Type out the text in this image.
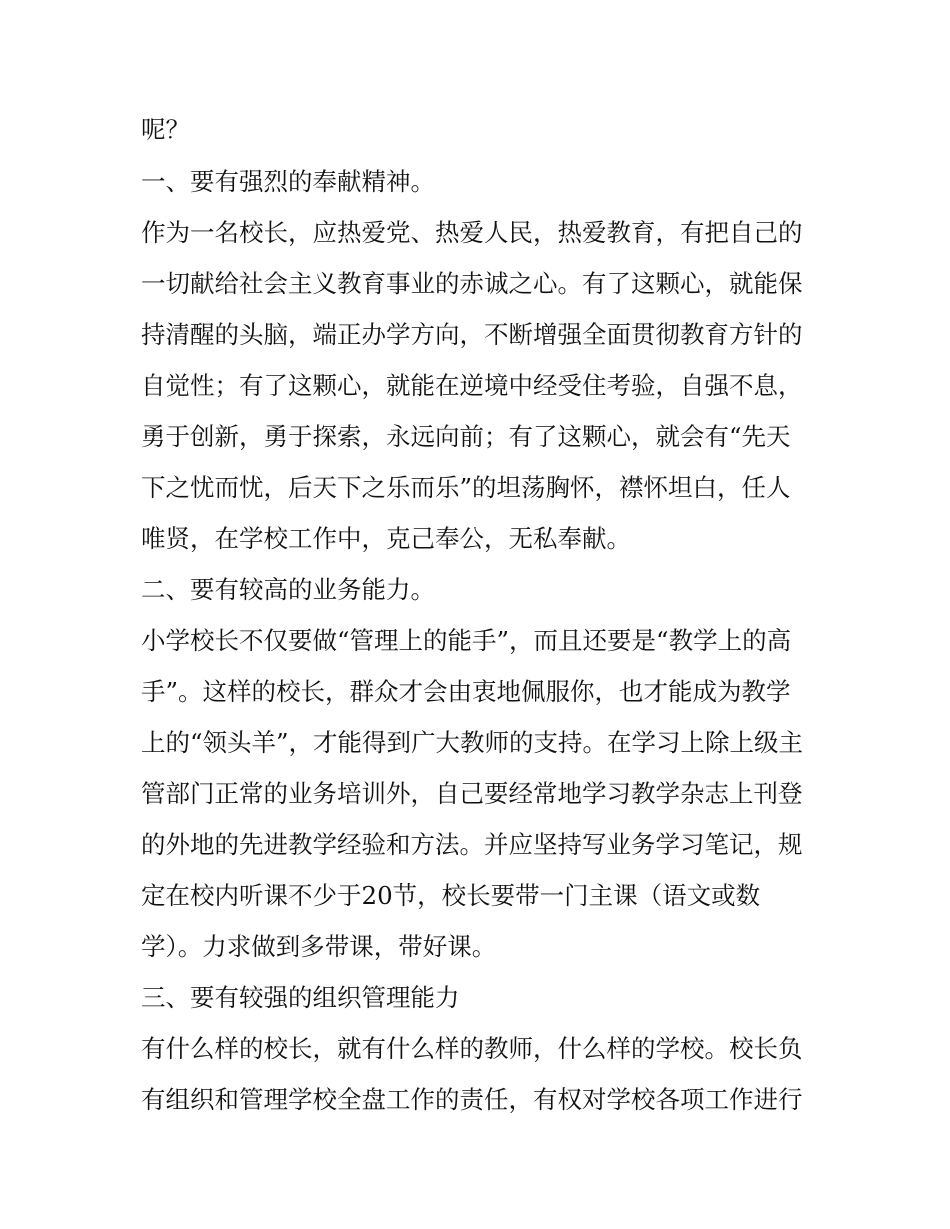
呢？
一、要有强烈的奉献精神。
作为一名校长，应热爱党、热爱人民，热爱教育，有把自己的
一切献给社会主义教育事业的赤诚之心。有了这颗心，就能保
持清醒的头脑，端正办学方向，不断增强全面贯彻教育方针的
自觉性；有了这颗心，就能在逆境中经受住考验，自强不息，
勇于创新，勇于探索，永远向前；有了这颗心，就会有“先天
下之忧而忧，后天下之乐而乐”的坦荡胸怀，襟怀坦白，任人
唯贤，在学校工作中，克己奉公，无私奉献。
二、要有较高的业务能力。
小学校长不仅要做“管理上的能手”，而且还要是“教学上的高
手”。这样的校长，群众才会由衷地佩服你，也才能成为教学
上的“领头羊”，才能得到广大教师的支持。在学习上除上级主
管部门正常的业务培训外，自己要经常地学习教学杂志上刊登
的外地的先进教学经验和方法。并应坚持写业务学习笔记，规
定在校内听课不少于20节，校长要带一门主课（语文或数
学）。力求做到多带课，带好课。
三、要有较强的组织管理能力
有什么样的校长，就有什么样的教师，什么样的学校。校长负
有组织和管理学校全盘工作的责任，有权对学校各项工作进行
